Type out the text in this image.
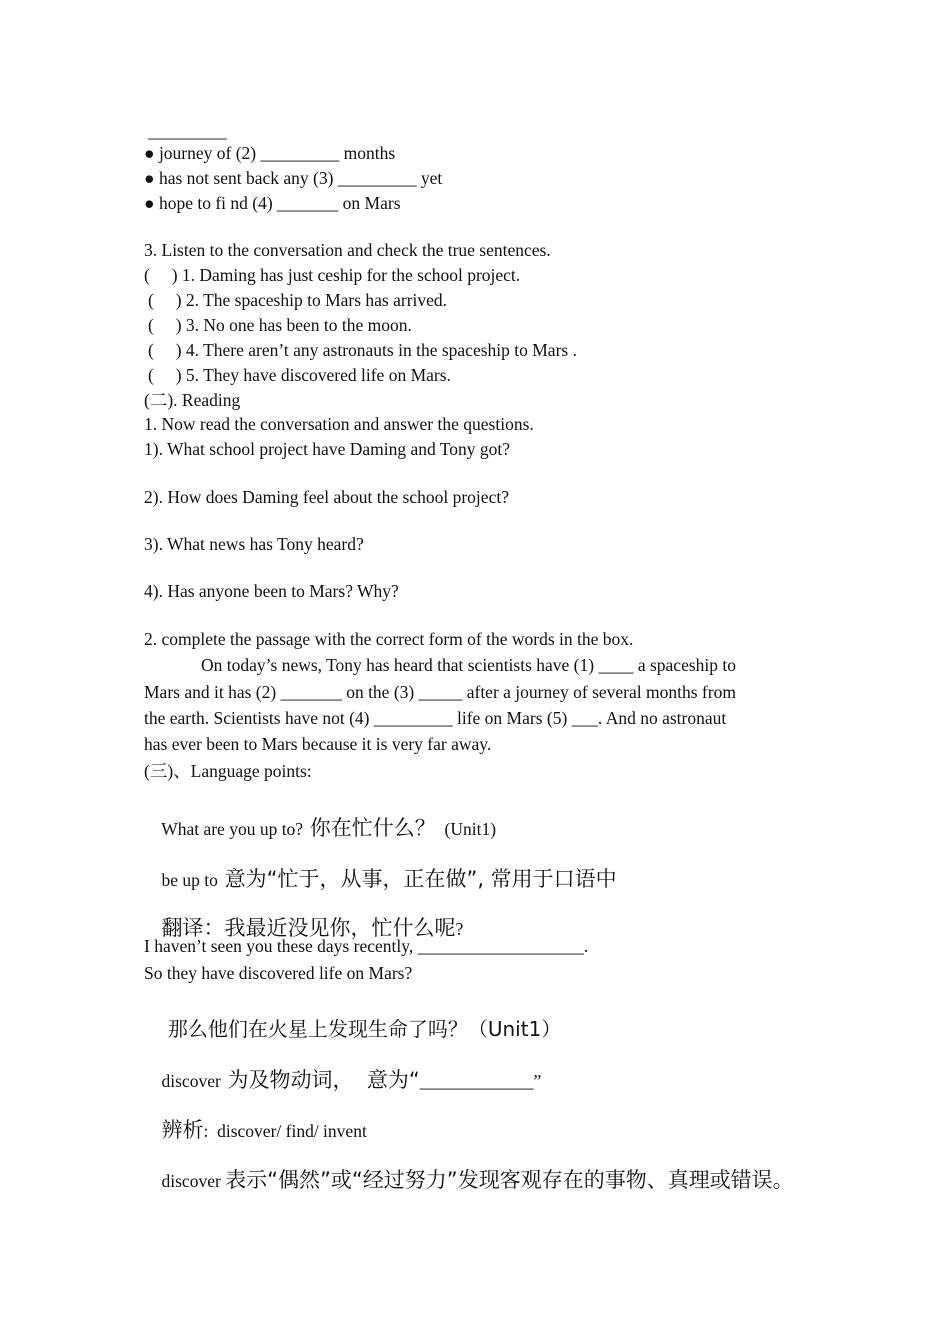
_________
● journey of (2) _________ months
● has not sent back any (3) _________ yet
● hope to fi nd (4) _______ on Mars
3. Listen to the conversation and check the true sentences.
(     ) 1. Daming has just ceship for the school project.
(     ) 2. The spaceship to Mars has arrived.
(     ) 3. No one has been to the moon.
(     ) 4. There aren’t any astronauts in the spaceship to Mars .
(     ) 5. They have discovered life on Mars.
(二). Reading
1. Now read the conversation and answer the questions.
1). What school project have Daming and Tony got?
2). How does Daming feel about the school project?
3). What news has Tony heard?
4). Has anyone been to Mars? Why?
2. complete the passage with the correct form of the words in the box.
On today’s news, Tony has heard that scientists have (1) ____ a spaceship to
Mars and it has (2) _______ on the (3) _____ after a journey of several months from
the earth. Scientists have not (4) _________ life on Mars (5) ___. And no astronaut
has ever been to Mars because it is very far away.
(三)、Language points:

What are you up to? 你在忙什么？  (Unit1)

be up to 意为“忙于，从事，正在做”, 常用于口语中

翻译：我最近没见你，忙什么呢?

I haven’t seen you these days recently, ___________________.
So they have discovered life on Mars?

那么他们在火星上发现生命了吗？（Unit1）

discover 为及物动词，  意为“_____________”

辨析:  discover/ find/ invent

discover 表示“偶然”或“经过努力”发现客观存在的事物、真理或错误。
